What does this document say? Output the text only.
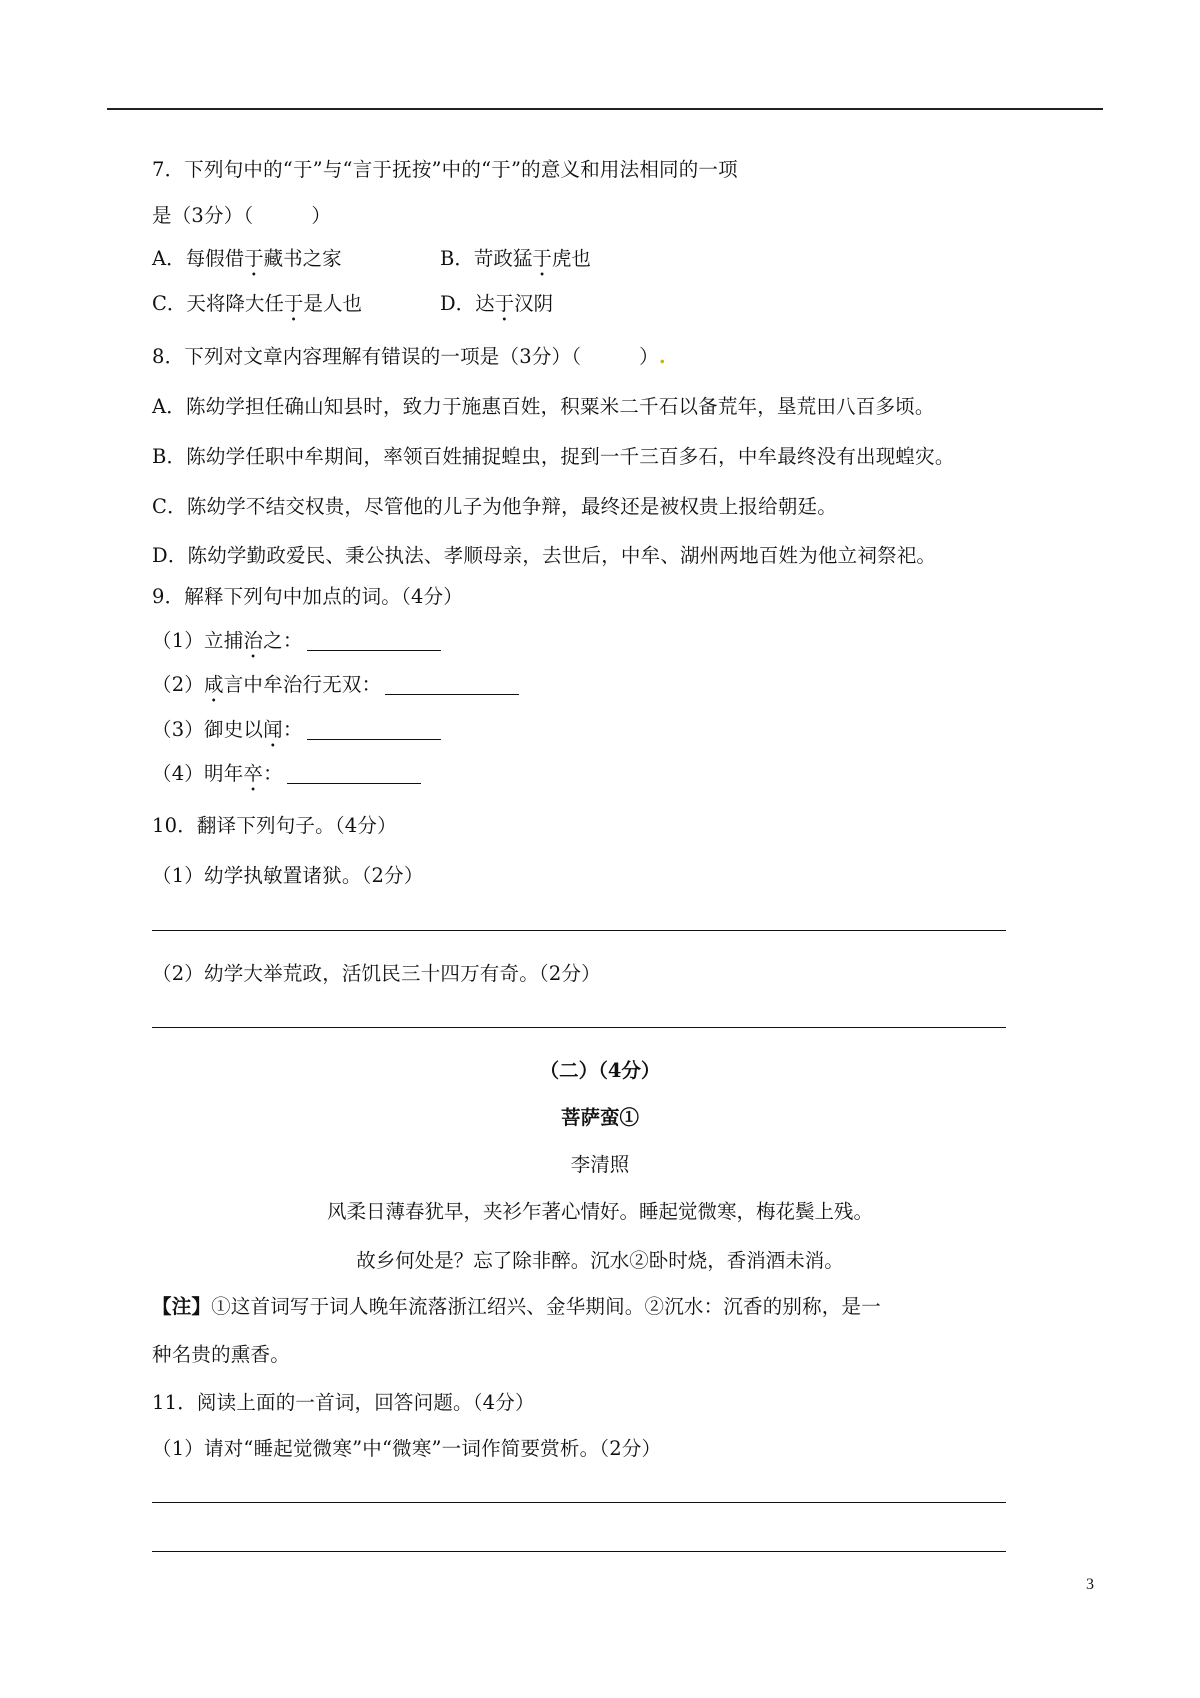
7．下列句中的“于”与“言于抚按”中的“于”的意义和用法相同的一项
是（3分）（	）
A．每假借于藏书之家	B．苛政猛于虎也
C．天将降大任于是人也	D．达于汉阴
8．下列对文章内容理解有错误的一项是（3分）（	）.
A．陈幼学担任确山知县时，致力于施惠百姓，积粟米二千石以备荒年，垦荒田八百多顷。
B．陈幼学任职中牟期间，率领百姓捕捉蝗虫，捉到一千三百多石，中牟最终没有出现蝗灾。
C．陈幼学不结交权贵，尽管他的儿子为他争辩，最终还是被权贵上报给朝廷。
D．陈幼学勤政爱民、秉公执法、孝顺母亲，去世后，中牟、湖州两地百姓为他立祠祭祀。
9．解释下列句中加点的词。（4分）
（1）立捕治之：
（2）咸言中牟治行无双：
（3）御史以闻：
（4）明年卒：
10．翻译下列句子。（4分）
（1）幼学执敏置诸狱。（2分）
（2）幼学大举荒政，活饥民三十四万有奇。（2分）
（二）（4分）
菩萨蛮①
李清照
风柔日薄春犹早，夹衫乍著心情好。睡起觉微寒，梅花鬓上残。
故乡何处是？忘了除非醉。沉水②卧时烧，香消酒未消。
【注】①这首词写于词人晚年流落浙江绍兴、金华期间。②沉水：沉香的别称，是一
种名贵的熏香。
11．阅读上面的一首词，回答问题。（4分）
（1）请对“睡起觉微寒”中“微寒”一词作简要赏析。（2分）
3
